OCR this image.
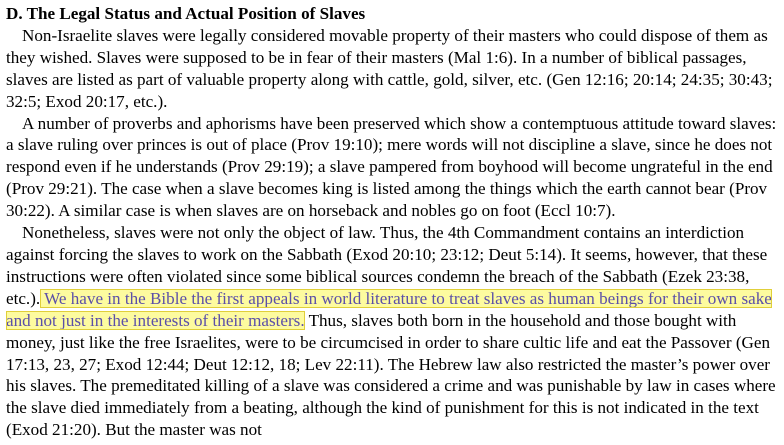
D. The Legal Status and Actual Position of Slaves

Non-Israelite slaves were legally considered movable property of their masters who could dispose of them as they wished. Slaves were supposed to be in fear of their masters (Mal 1:6). In a number of biblical passages, slaves are listed as part of valuable property along with cattle, gold, silver, etc. (Gen 12:16; 20:14; 24:35; 30:43; 32:5; Exod 20:17, etc.).

A number of proverbs and aphorisms have been preserved which show a contemptuous attitude toward slaves: a slave ruling over princes is out of place (Prov 19:10); mere words will not discipline a slave, since he does not respond even if he understands (Prov 29:19); a slave pampered from boyhood will become ungrateful in the end (Prov 29:21). The case when a slave becomes king is listed among the things which the earth cannot bear (Prov 30:22). A similar case is when slaves are on horseback and nobles go on foot (Eccl 10:7).

Nonetheless, slaves were not only the object of law. Thus, the 4th Commandment contains an interdiction against forcing the slaves to work on the Sabbath (Exod 20:10; 23:12; Deut 5:14). It seems, however, that these instructions were often violated since some biblical sources condemn the breach of the Sabbath (Ezek 23:38, etc.). We have in the Bible the first appeals in world literature to treat slaves as human beings for their own sake and not just in the interests of their masters. Thus, slaves both born in the household and those bought with money, just like the free Israelites, were to be circumcised in order to share cultic life and eat the Passover (Gen 17:13, 23, 27; Exod 12:44; Deut 12:12, 18; Lev 22:11). The Hebrew law also restricted the master’s power over his slaves. The premeditated killing of a slave was considered a crime and was punishable by law in cases where the slave died immediately from a beating, although the kind of punishment for this is not indicated in the text (Exod 21:20). But the master was not
